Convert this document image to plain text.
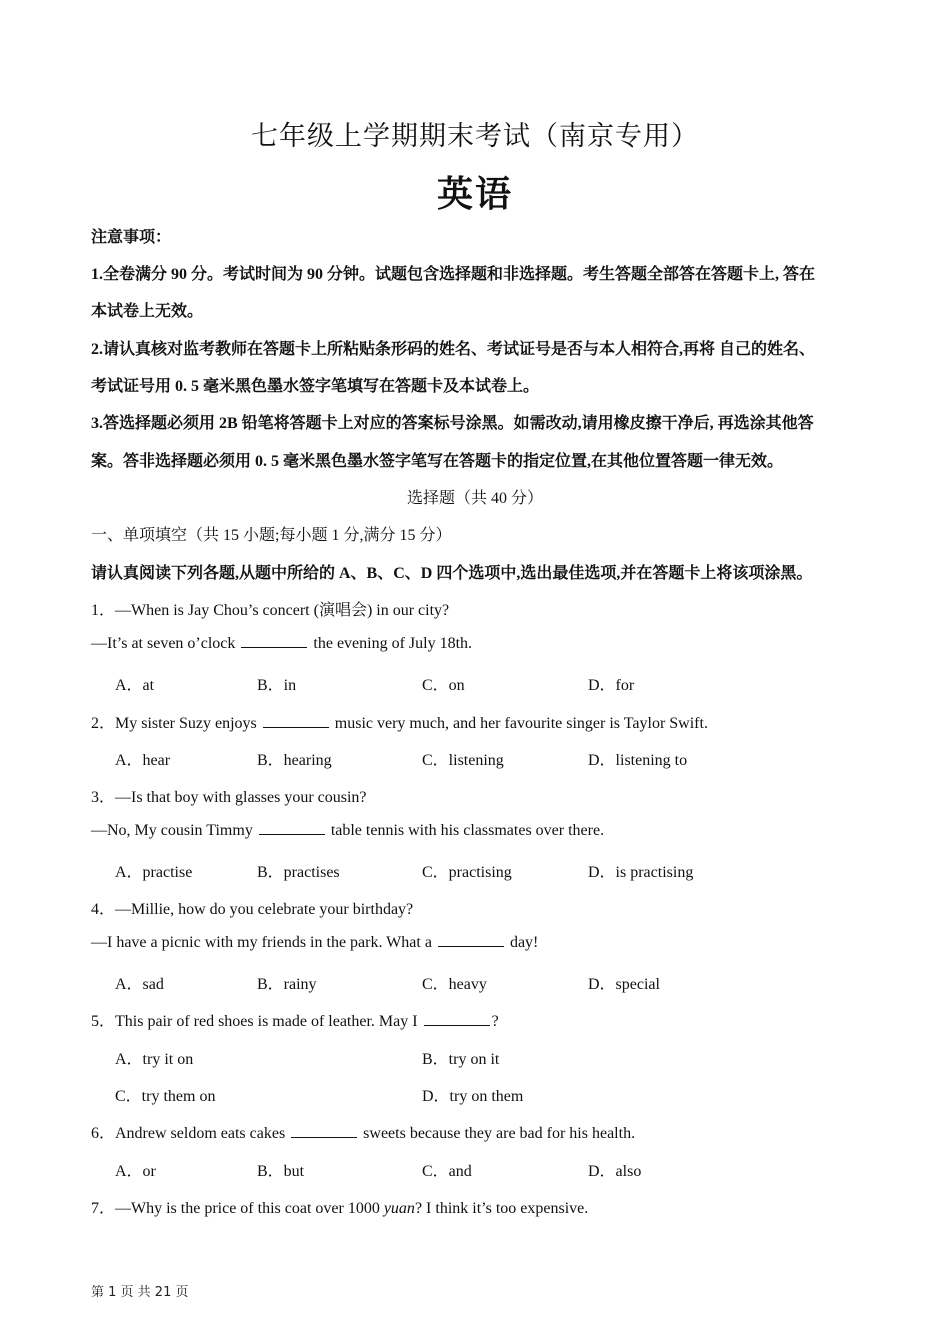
七年级上学期期末考试（南京专用）
英语
注意事项：
1.全卷满分 90 分。考试时间为 90 分钟。试题包含选择题和非选择题。考生答题全部答在答题卡上, 答在
本试卷上无效。
2.请认真核对监考教师在答题卡上所粘贴条形码的姓名、考试证号是否与本人相符合,再将 自己的姓名、
考试证号用 0. 5 毫米黑色墨水签字笔填写在答题卡及本试卷上。
3.答选择题必须用 2B 铅笔将答题卡上对应的答案标号涂黑。如需改动,请用橡皮擦干净后, 再选涂其他答
案。答非选择题必须用 0. 5 毫米黑色墨水签字笔写在答题卡的指定位置,在其他位置答题一律无效。
选择题（共 40 分）
一、单项填空（共 15 小题;每小题 1 分,满分 15 分）
请认真阅读下列各题,从题中所给的 A、B、C、D 四个选项中,选出最佳选项,并在答题卡上将该项涂黑。
1．—When is Jay Chou’s concert (演唱会) in our city?
—It’s at seven o’clock	the evening of July 18th.
A．at	B．in	C．on	D．for
2．My sister Suzy enjoys	music very much, and her favourite singer is Taylor Swift.
A．hear	B．hearing	C．listening	D．listening to
3．—Is that boy with glasses your cousin?
—No, My cousin Timmy	table tennis with his classmates over there.
A．practise	B．practises	C．practising	D．is practising
4．—Millie, how do you celebrate your birthday?
—I have a picnic with my friends in the park. What a	day!
A．sad	B．rainy	C．heavy	D．special
5．This pair of red shoes is made of leather. May I	?
A．try it on	B．try on it
C．try them on	D．try on them
6．Andrew seldom eats cakes	sweets because they are bad for his health.
A．or	B．but	C．and	D．also
7．—Why is the price of this coat over 1000 yuan? I think it’s too expensive.
第 1 页 共 21 页
